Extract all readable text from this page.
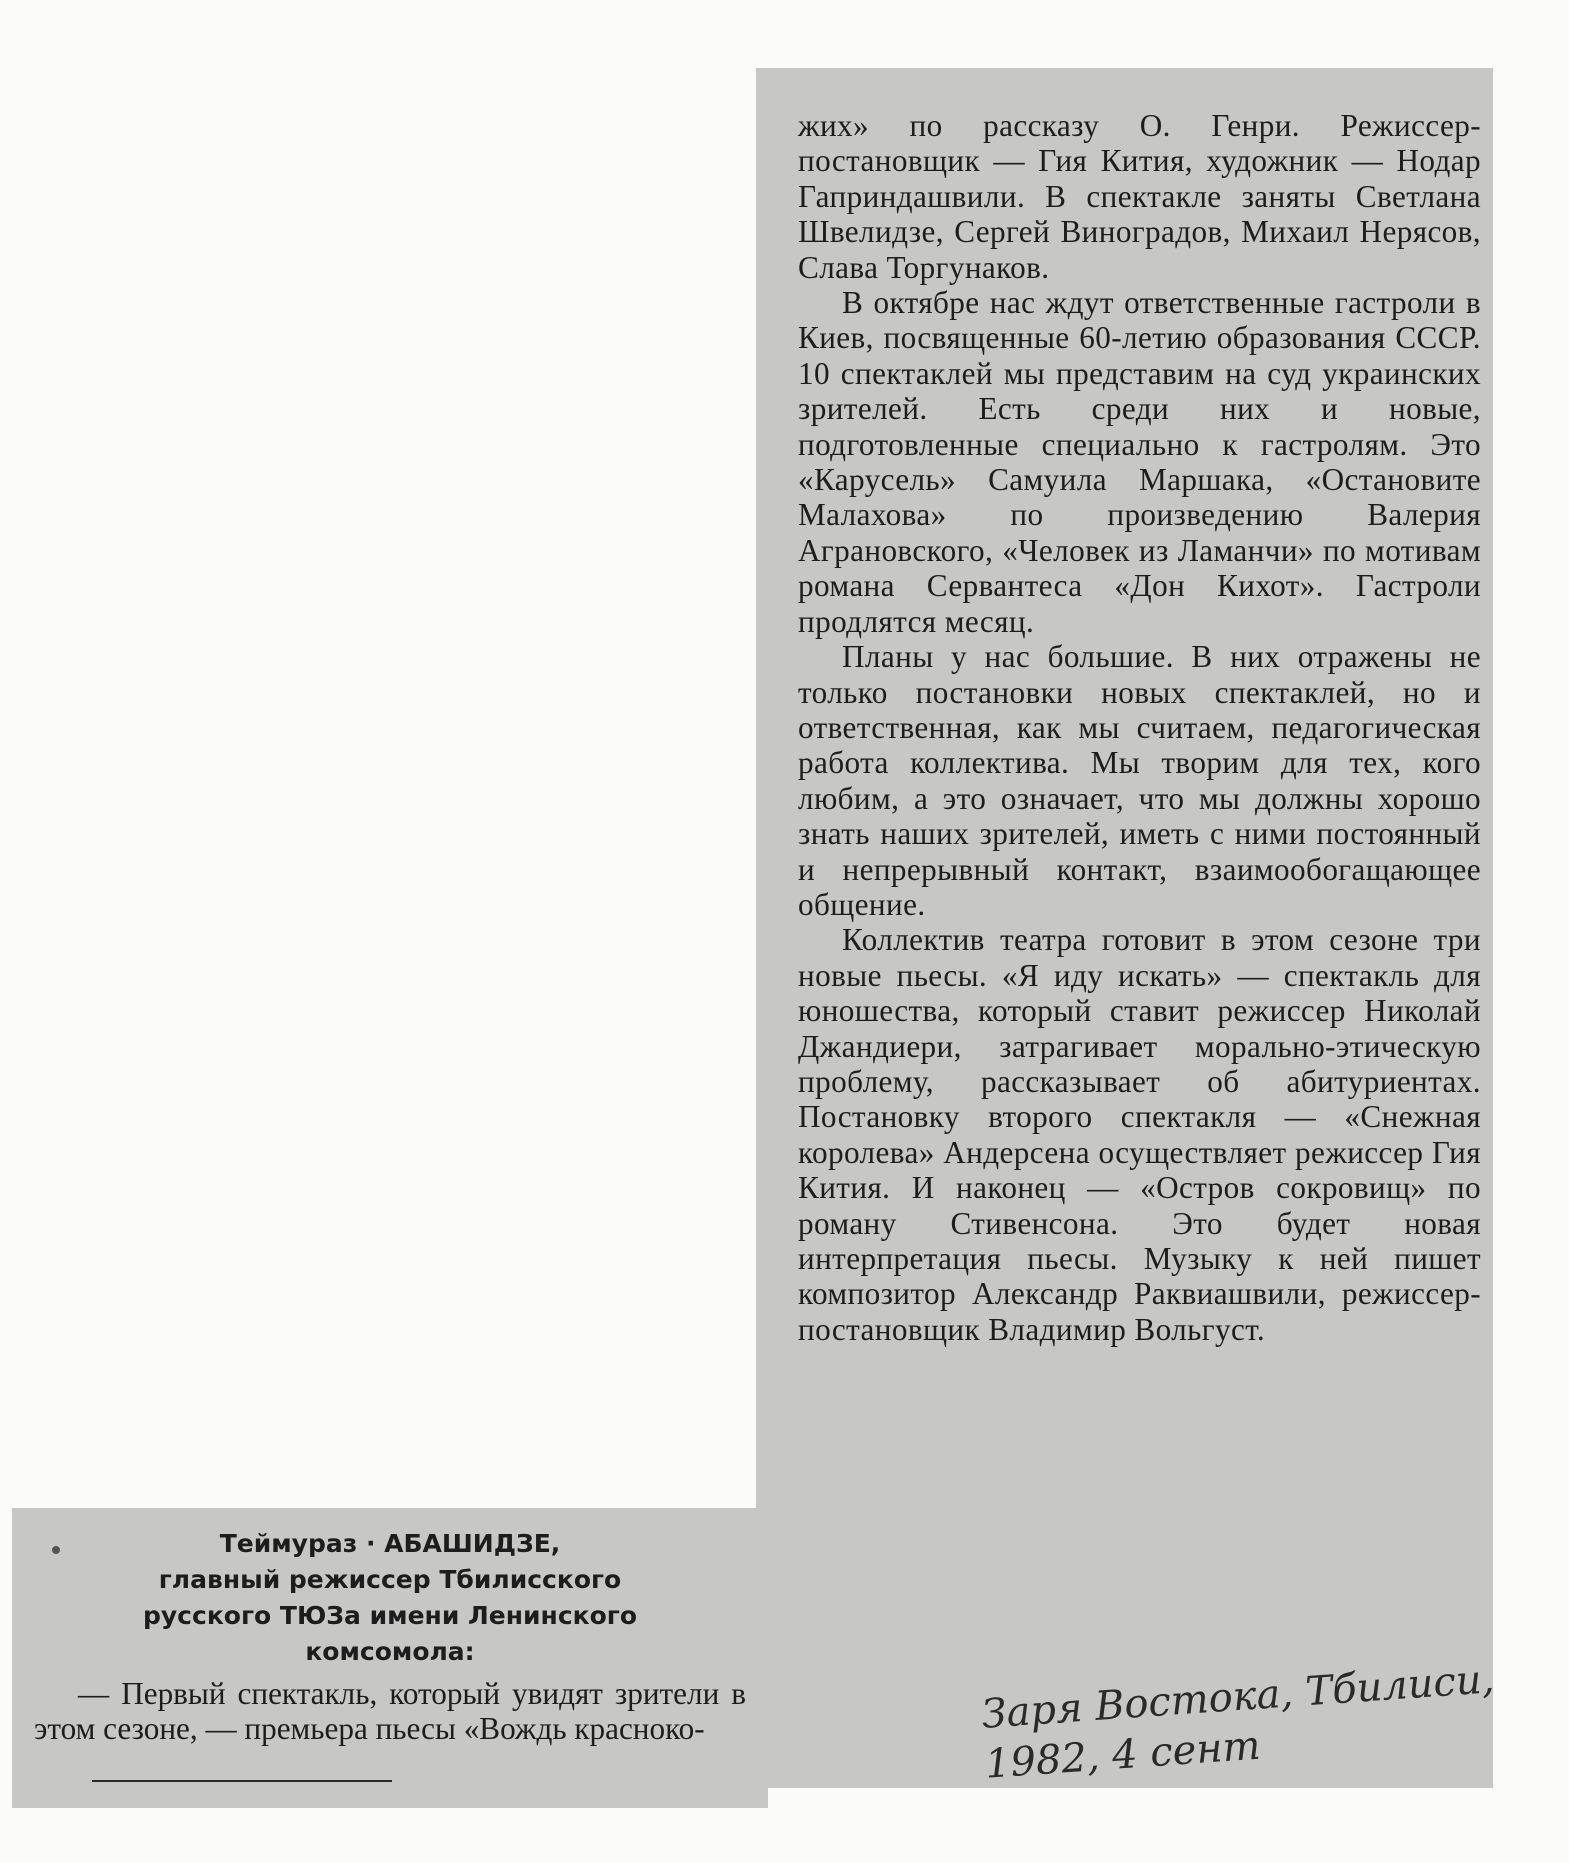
жих» по рассказу О. Генри. Режиссер-постановщик — Гия Кития, художник — Нодар Гаприндашвили. В спектакле заняты Светлана Швелидзе, Сергей Виноградов, Михаил Нерясов, Слава Торгунаков.

В октябре нас ждут ответственные гастроли в Киев, посвященные 60-летию образования СССР. 10 спектаклей мы представим на суд украинских зрителей. Есть среди них и новые, подготовленные специально к гастролям. Это «Карусель» Самуила Маршака, «Остановите Малахова» по произведению Валерия Аграновского, «Человек из Ламанчи» по мотивам романа Сервантеса «Дон Кихот». Гастроли продлятся месяц.

Планы у нас большие. В них отражены не только постановки новых спектаклей, но и ответственная, как мы считаем, педагогическая работа коллектива. Мы творим для тех, кого любим, а это означает, что мы должны хорошо знать наших зрителей, иметь с ними постоянный и непрерывный контакт, взаимообогащающее общение.

Коллектив театра готовит в этом сезоне три новые пьесы. «Я иду искать» — спектакль для юношества, который ставит режиссер Николай Джандиери, затрагивает морально-этическую проблему, рассказывает об абитуриентах. Постановку второго спектакля — «Снежная королева» Андерсена осуществляет режиссер Гия Кития. И наконец — «Остров сокровищ» по роману Стивенсона. Это будет новая интерпретация пьесы. Музыку к ней пишет композитор Александр Раквиашвили, режиссер-постановщик Владимир Вольгуст.

Теймураз · АБАШИДЗЕ,
главный режиссер Тбилисского
русского ТЮЗа имени Ленинского
комсомола:

— Первый спектакль, который увидят зрители в этом сезоне, — премьера пьесы «Вождь красноко-	Заря Востока, Тбилиси,
1982, 4 сент
